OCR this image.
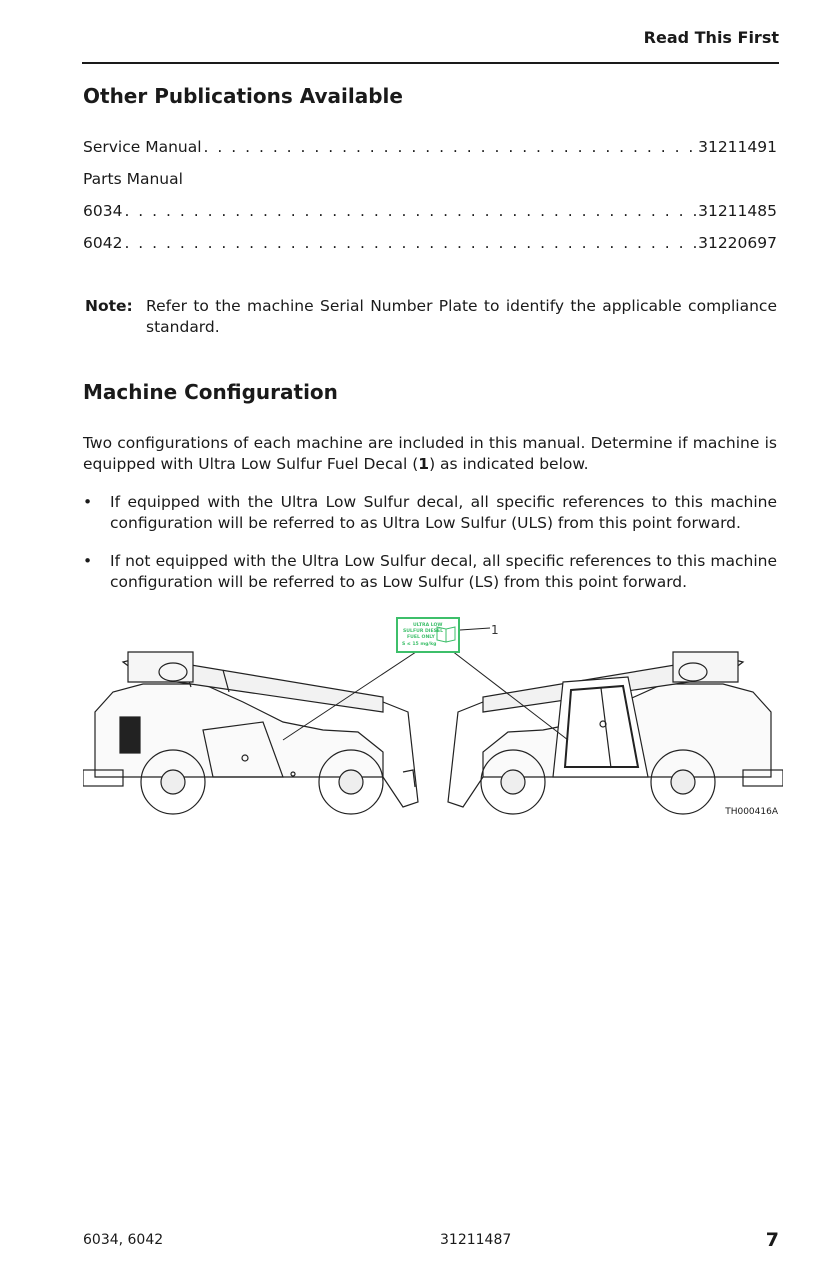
Read This First
Other Publications Available
Service Manual . . .	31211491
Parts Manual
6034 . . .	31211485
6042 . . .	31220697
Note: Refer to the machine Serial Number Plate to identify the applicable compliance standard.
Machine Configuration
Two configurations of each machine are included in this manual. Determine if machine is equipped with Ultra Low Sulfur Fuel Decal (1) as indicated below.
•	If equipped with the Ultra Low Sulfur decal, all specific references to this machine configuration will be referred to as Ultra Low Sulfur (ULS) from this point forward.
•	If not equipped with the Ultra Low Sulfur decal, all specific references to this machine configuration will be referred to as Low Sulfur (LS) from this point forward.
ULTRA LOW
SULFUR DIESEL
FUEL ONLY
S ≤ 15 mg/kg
1
TH000416A
6034, 6042	31211487	7
